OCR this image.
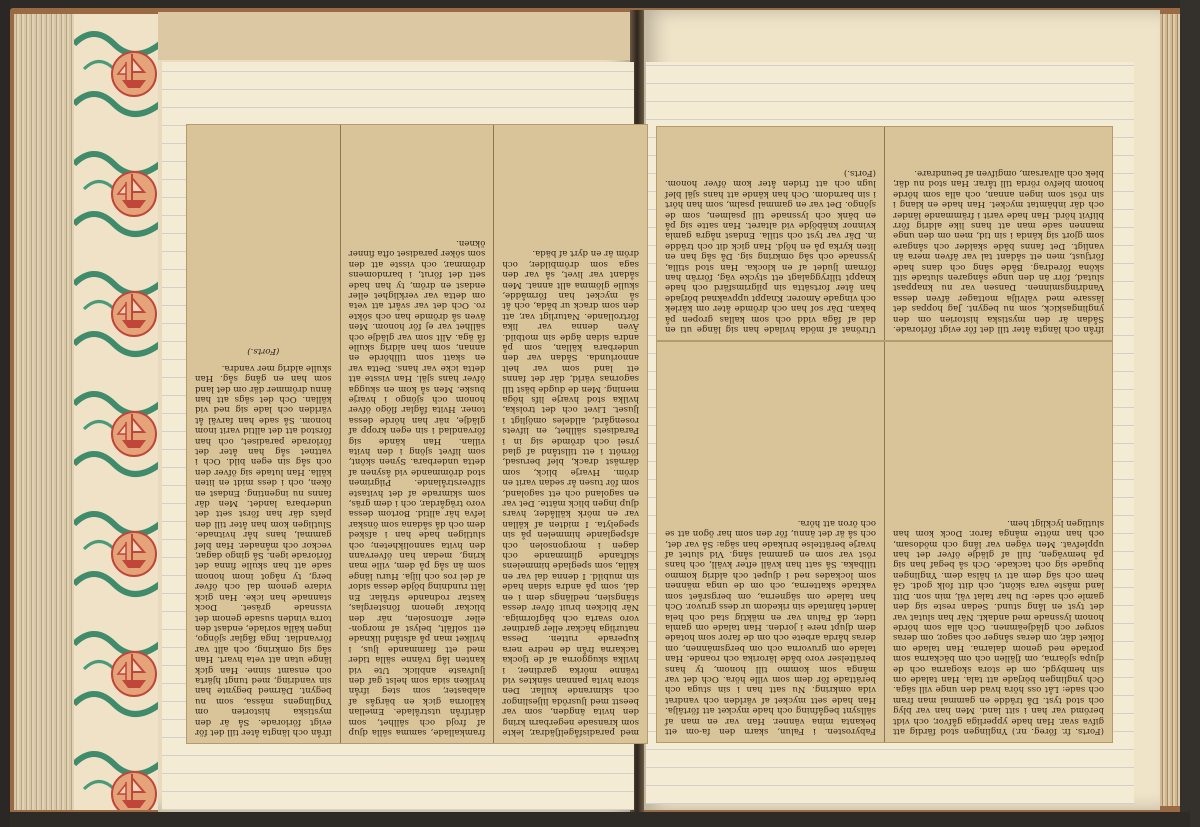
med paradisfågelfjädrar, lekte som kransade negerbarn kring den hvita ängden, som var beestt med ljusröda liljeslingor och skimrande kullar. Den stora hvita pannan sänktes vid tvänne mörka gardiner, i hvilka skuggorna af de tjocka tackarna från de nedre nera kuperade rutten. Dessa naturliga häckar eller gardiner voro svarta och bågformiga. När blicken bruit öfver dessa stängslen, nedlängs dem i en dal, som på andra sidan hade sin mubild. I denna dal var en källa, som speglade himmelens skiftande glimmande och dagen i morgonsolen och afspeglande himmelen på sin spegelyta. I midten af källan var en mörk källåder, hvars djup ingen blick mätte. Det var en sagoland och ett sagoland, som för tusen år sedan varit en dröm. Hvarje blick, som därnäst drack, blef berusad, förnött i ett tillstånd af glad yrsel och drömde sig in i Paradisets sällhet, en lifvets rosengård, alldeles omöjligt i ljuset. Livet och det trolska, hvilka stod hvarje lifs höga mening. Men de dugde bäst till sagornas värld, där det fanns ett land som var helt annorlunda. Sådan var den underbara källan, som på andra sidan ägde sin motbild. Även denna var lika förtrollande. Naturligt var, att den som drack ur båda, och åt så mycket han förmådde, skulle glömma allt annat. Men sådant var livet, så var den saga som drömbilder, och dröm är en dyrt af bäda.

framkallade, samma sälla djup af frojd och sällhet, som därifrån utstrålade. Emellan källorna gick en bärgås af alabaster, som steg ifrån hvilken sida som helst gaf den ljufvaste anblick. Ute vid kanten låg tvänne sälla tider med ett flammande ljus, i hvilket man på afstånd liknade ett solfält, belyst af morgon- eller aftonsolen, när den blickar igenom fönsterglas, kastar rodnande strålar. En lätt rundning böjde dessa sidor af del ros och lilja. Huru länge som än såg på dem, ville man kring, medan han öfvervann den hvita sannolikheten; och slutligen hade han i afsked dem och då sådana som önskar lefva här alltid. Bortom dessa voro trägårdar, och i dem gräs, som skimrade af det hvitaste silfverstrålande. Pilgrimen stod drömmande vid åsynen af detta underbara. Synen skönt, som lifvet sjöng i den hvita villan. Han kände sig förvandlad i sin egen kropp af glädje, när han hörde dessa toner. Hvita fåglar flögo öfver honom och sjöngo i hvarje buske. Men så kom en skugga öfver hans själ. Han visste att detta icke var hans. Detta var en skatt som tillhörde en annan, som han aldrig skulle få äga. Allt som var glädje och sällhet var ej för honom. Men även så drömde han och sökte ro. Och det var svårt att veta om detta var verklighet eller endast en dröm, ty han hade sett det förut, i barndomens drömmar, och visste att den som söker paradiset ofta finner öknen.

ifrån och längta åter till det för evigt förlorade. Så är den mystiska historien om Ynglingens mässa, som nu begynt. Därmed begynte han sin vandring, med tungt hjärta och ensamt sinne. Han gick länge utan att veta hvart. Han såg sig omkring, och allt var förvandlat. Inga fåglar sjöngo, ingen källa sorlade, endast den torra vinden susade genom det vissnade gräset. Dock stannade han icke. Han gick vidare genom dal och öfver berg, ty något inom honom sade att han skulle finna det förlorade igen. Så gingo dagar, veckor och månader. Han blef gammal, hans hår hvitnade. Slutligen kom han åter till den plats där han först sett det underbara landet. Men där fanns nu ingenting. Endast en öken, och i dess midt en liten källa. Han lutade sig öfver den och såg sin egen bild. Och i vattnet såg han åter det förlorade paradiset, och han förstod att det alltid varit inom honom. Så sade han farväl åt världen och lade sig ned vid källan. Och det sägs att han ännu drömmer där om det land som han en gång såg. Han skulle aldrig mer vandra.

(Forts.)

ifrån och längta åter till det för evigt förlorade. Sådan är den mystiska historien om den ynglingaskick, som nu begynt. Jag hoppas det lässare med välvilja mottager äfven dessa Vandringsminnen. Dansen var nu knappast slutad, förr än den unge sångaren slutade sitt sköna föredrag. Både sång och dans hade förtjust, men ett sådant tal var äfven mera än vanligt. Det fanns både skalder och sångare som gjort sig kända i sin tid, men om den unge mannen sade man att hans like aldrig förr blifvit hörd. Han hade varit i främmande länder och där inhämtat mycket. Han hade en klang i sin röst som ingen annan, och alla som hörde honom blefvo rörda till tårar. Han stod nu där, blek och allvarsam, omgifven af beundrare.

Utrönat af möda hvilade han sig länge uti en dal af fåga vidd och som kallas gropen på bakan. Där sof han och drömde åter om kärlek och vingade Amorer. Knappt uppvaknad började han åter fortsätta sin pilgrimsfärd och hade knappt tillryggalagt ett stycke väg, förrän han förnam ljudet af en klocka. Han stod stilla, lyssnade och såg omkring sig. Då såg han en liten kyrka på en höjd. Han gick dit och trädde in. Där var tyst och stilla. Endast några gamla kvinnor knäböjde vid altaret. Han satte sig på en bänk och lyssnade till psalmen, som de sjöngo. Det var en gammal psalm, som han hört i sin barndom. Och han kände att hans själ blef lugn och att friden åter kom öfver honom. (Forts.)

(Forts. fr. föreg. nr.) Ynglingen stod färdig att gifva svar. Han hade ypperliga gåfvor, och vidt berömd var han i sitt land. Men han var blyg och stod tyst. Då trädde en gammal man fram och sade: Låt oss höra hvad den unge vill säga. Och ynglingen började att tala. Han talade om sin hembygd, om de stora skogarna och de djupa sjöarna, om fjällen och om bäckarna som porlade ned genom dalarna. Han talade om folket där, om deras sånger och sagor, om deras sorger och glädjeämnen. Och alla som hörde honom lyssnade med andakt. När han slutat var det tyst en lång stund. Sedan reste sig den gamle och sade: Du har talat väl, min son. Ditt land måste vara skönt, och ditt folk godt. Gå hem och säg dem att vi hälsa dem. Ynglingen bugade sig och tackade. Och så begaf han sig på hemvägen, full af glädje öfver det han upplefvat. Men vägen var lång och mödosam, och han mötte många faror. Dock kom han slutligen lyckligt hem.

Fabyrosten. i Falun, skarn den fa-om ett bekanta mina vänner. Han var en man af sällsynt begåfning och hade mycket att förtälja. Han hade sett mycket af världen och vandrat vida omkring. Nu satt han i sin stuga och berättade för dem som ville höra. Och det var många som kommo till honom, ty hans berättelser voro både lärorika och roande. Han talade om gruvorna och om bergsmännen, om deras hårda arbete och om de faror som hotade dem djupt nere i jorden. Han talade om gamla tider, då Falun var en mäktig stad och hela landet hämtade sin rikedom ur dess gruvor. Och han talade om sägnerna, om bergsrået som vaktade skatterna, och om de unga männen som lockades ned i djupet och aldrig kommo tillbaka. Så satt han kväll efter kväll, och hans röst var som en gammal sång. Vid slutet af hvarje berättelse brukade han säga: Så var det, och så är det ännu, för den som har ögon att se och öron att höra.
